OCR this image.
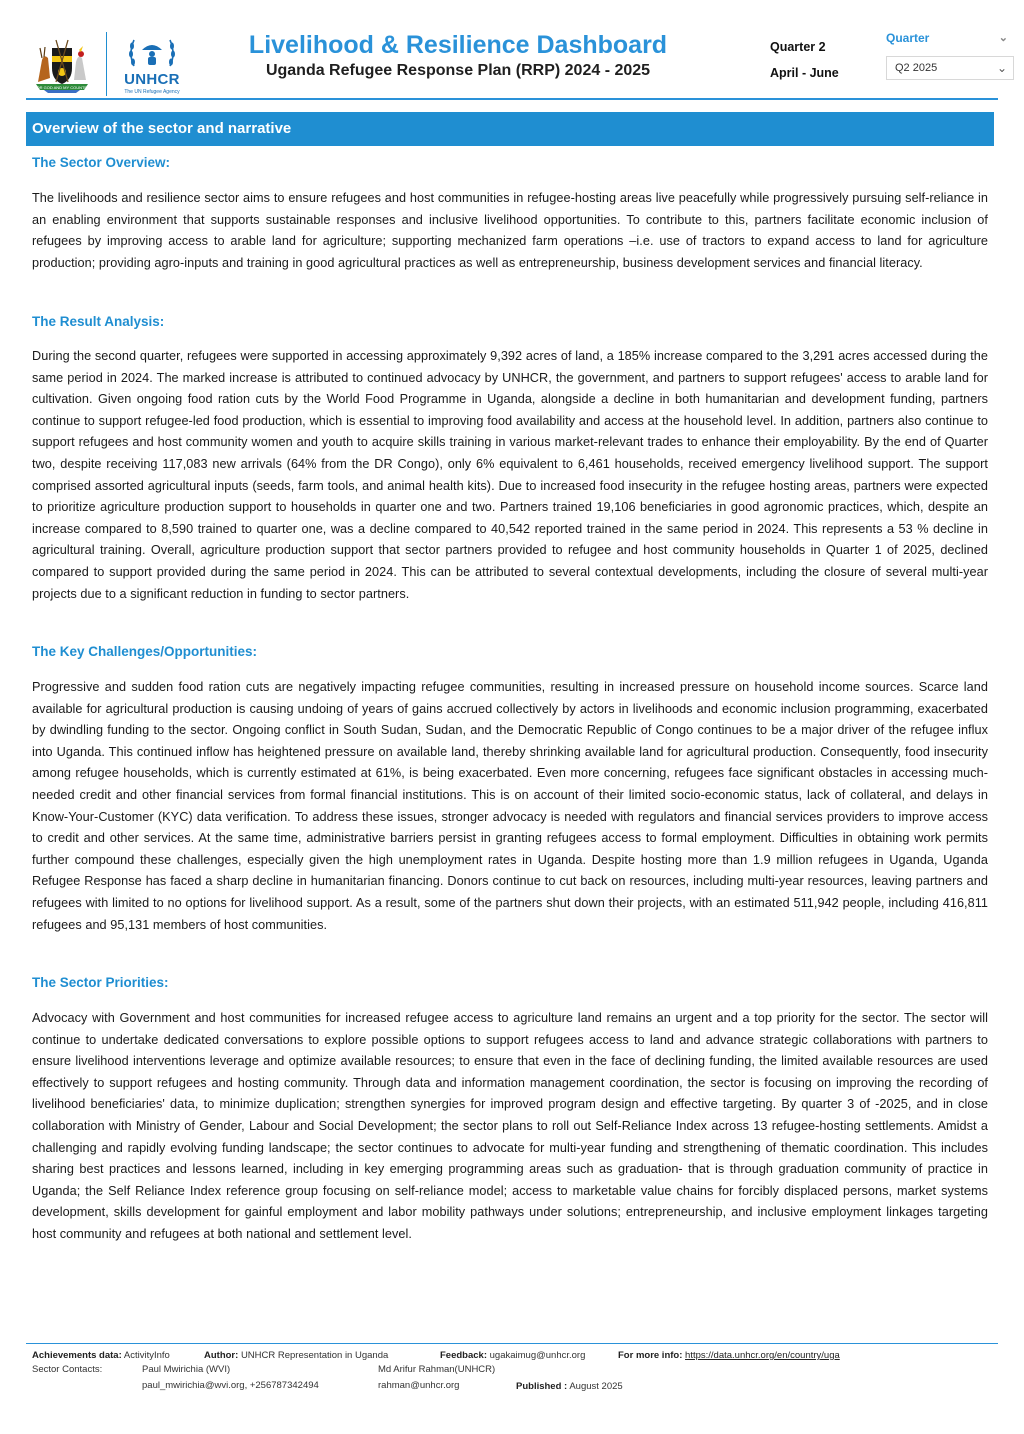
FOR GOD AND MY COUNTRY UNHCR
The UN Refugee Agency
Livelihood & Resilience Dashboard
Uganda Refugee Response Plan (RRP) 2024 - 2025
Quarter 2
April - June
Quarter	⌄
Q2 2025	⌄
Overview of the sector and narrative
The Sector Overview:
The livelihoods and resilience sector aims to ensure refugees and host communities in refugee-hosting areas live peacefully while progressively pursuing self-reliance in an enabling environment that supports sustainable responses and inclusive livelihood opportunities. To contribute to this, partners facilitate economic inclusion of refugees by improving access to arable land for agriculture; supporting mechanized farm operations –i.e. use of tractors to expand access to land for agriculture production; providing agro-inputs and training in good agricultural practices as well as entrepreneurship, business development services and financial literacy.
The Result Analysis:
During the second quarter, refugees were supported in accessing approximately 9,392 acres of land, a 185% increase compared to the 3,291 acres accessed during the same period in 2024. The marked increase is attributed to continued advocacy by UNHCR, the government, and partners to support refugees' access to arable land for cultivation. Given ongoing food ration cuts by the World Food Programme in Uganda, alongside a decline in both humanitarian and development funding, partners continue to support refugee-led food production, which is essential to improving food availability and access at the household level. In addition, partners also continue to support refugees and host community women and youth to acquire skills training in various market-relevant trades to enhance their employability. By the end of Quarter two, despite receiving 117,083 new arrivals (64% from the DR Congo), only 6% equivalent to 6,461 households, received emergency livelihood support. The support comprised assorted agricultural inputs (seeds, farm tools, and animal health kits). Due to increased food insecurity in the refugee hosting areas, partners were expected to prioritize agriculture production support to households in quarter one and two. Partners trained 19,106 beneficiaries in good agronomic practices, which, despite an increase compared to 8,590 trained to quarter one, was a decline compared to 40,542 reported trained in the same period in 2024. This represents a 53 % decline in agricultural training. Overall, agriculture production support that sector partners provided to refugee and host community households in Quarter 1 of 2025, declined compared to support provided during the same period in 2024. This can be attributed to several contextual developments, including the closure of several multi-year projects due to a significant reduction in funding to sector partners.
The Key Challenges/Opportunities:
Progressive and sudden food ration cuts are negatively impacting refugee communities, resulting in increased pressure on household income sources. Scarce land available for agricultural production is causing undoing of years of gains accrued collectively by actors in livelihoods and economic inclusion programming, exacerbated by dwindling funding to the sector. Ongoing conflict in South Sudan, Sudan, and the Democratic Republic of Congo continues to be a major driver of the refugee influx into Uganda. This continued inflow has heightened pressure on available land, thereby shrinking available land for agricultural production. Consequently, food insecurity among refugee households, which is currently estimated at 61%, is being exacerbated. Even more concerning, refugees face significant obstacles in accessing much-needed credit and other financial services from formal financial institutions. This is on account of their limited socio-economic status, lack of collateral, and delays in Know-Your-Customer (KYC) data verification. To address these issues, stronger advocacy is needed with regulators and financial services providers to improve access to credit and other services. At the same time, administrative barriers persist in granting refugees access to formal employment. Difficulties in obtaining work permits further compound these challenges, especially given the high unemployment rates in Uganda. Despite hosting more than 1.9 million refugees in Uganda, Uganda Refugee Response has faced a sharp decline in humanitarian financing. Donors continue to cut back on resources, including multi-year resources, leaving partners and refugees with limited to no options for livelihood support. As a result, some of the partners shut down their projects, with an estimated 511,942 people, including 416,811 refugees and 95,131 members of host communities.
The Sector Priorities:
Advocacy with Government and host communities for increased refugee access to agriculture land remains an urgent and a top priority for the sector. The sector will continue to undertake dedicated conversations to explore possible options to support refugees access to land and advance strategic collaborations with partners to ensure livelihood interventions leverage and optimize available resources; to ensure that even in the face of declining funding, the limited available resources are used effectively to support refugees and hosting community. Through data and information management coordination, the sector is focusing on improving the recording of livelihood beneficiaries' data, to minimize duplication; strengthen synergies for improved program design and effective targeting. By quarter 3 of -2025, and in close collaboration with Ministry of Gender, Labour and Social Development; the sector plans to roll out Self-Reliance Index across 13 refugee-hosting settlements. Amidst a challenging and rapidly evolving funding landscape; the sector continues to advocate for multi-year funding and strengthening of thematic coordination. This includes sharing best practices and lessons learned, including in key emerging programming areas such as graduation- that is through graduation community of practice in Uganda; the Self Reliance Index reference group focusing on self-reliance model; access to marketable value chains for forcibly displaced persons, market systems development, skills development for gainful employment and labor mobility pathways under solutions; entrepreneurship, and inclusive employment linkages targeting host community and refugees at both national and settlement level.
Achievements data: ActivityInfo	Author: UNHCR Representation in Uganda	Feedback: ugakaimug@unhcr.org	For more info: https://data.unhcr.org/en/country/uga
Sector Contacts:	Paul Mwirichia (WVI)
paul_mwirichia@wvi.org, +256787342494
Md Arifur Rahman(UNHCR)
rahman@unhcr.org	Published : August 2025
